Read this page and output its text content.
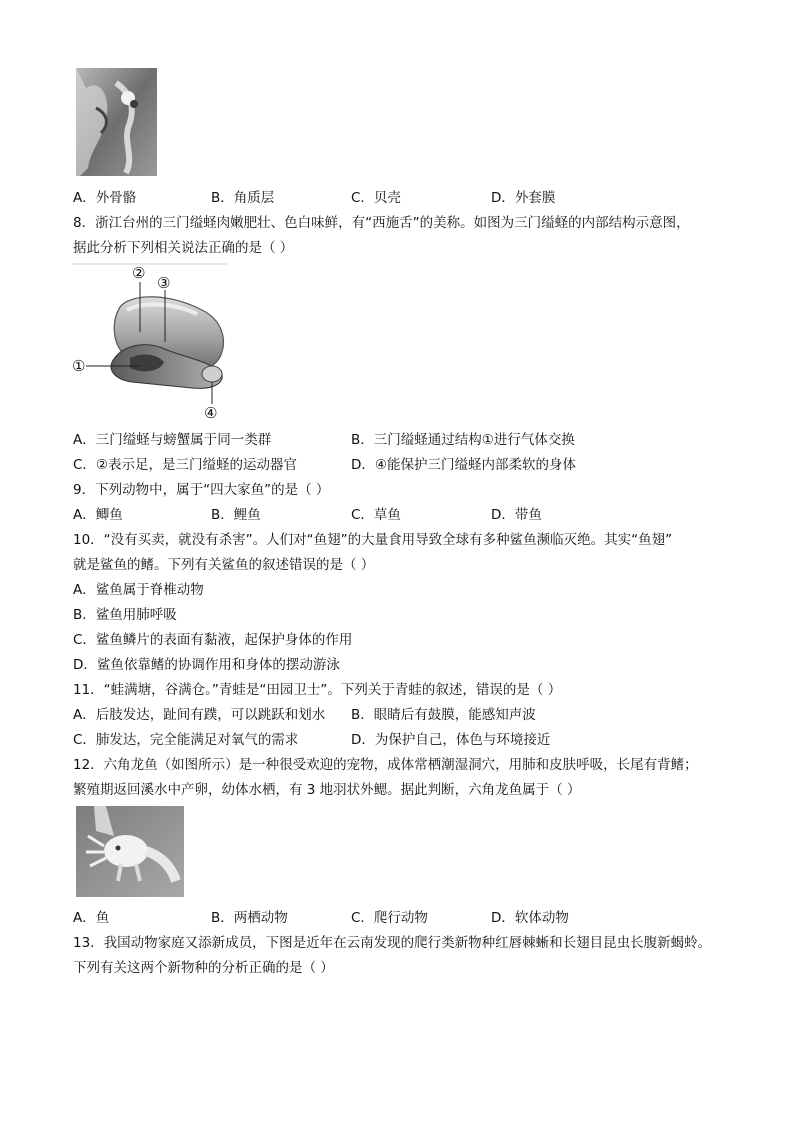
A．外骨骼	B．角质层	C．贝壳	D．外套膜
8．浙江台州的三门缢蛏肉嫩肥壮、色白味鲜，有“西施舌”的美称。如图为三门缢蛏的内部结构示意图，
据此分析下列相关说法正确的是（ ）
①
②
③
④
A．三门缢蛏与螃蟹属于同一类群	B．三门缢蛏通过结构①进行气体交换
C．②表示足，是三门缢蛏的运动器官	D．④能保护三门缢蛏内部柔软的身体
9．下列动物中，属于“四大家鱼”的是（ ）
A．鲫鱼	B．鲤鱼	C．草鱼	D．带鱼
10．“没有买卖，就没有杀害”。人们对“鱼翅”的大量食用导致全球有多种鲨鱼濒临灭绝。其实“鱼翅”
就是鲨鱼的鳍。下列有关鲨鱼的叙述错误的是（ ）
A．鲨鱼属于脊椎动物
B．鲨鱼用肺呼吸
C．鲨鱼鳞片的表面有黏液，起保护身体的作用
D．鲨鱼依靠鳍的协调作用和身体的摆动游泳
11．“蛙满塘，谷满仓。”青蛙是“田园卫士”。下列关于青蛙的叙述，错误的是（ ）
A．后肢发达，趾间有蹼，可以跳跃和划水 B．眼睛后有鼓膜，能感知声波
C．肺发达，完全能满足对氧气的需求	D．为保护自己，体色与环境接近
12．六角龙鱼（如图所示）是一种很受欢迎的宠物，成体常栖潮湿洞穴，用肺和皮肤呼吸，长尾有背鳍；
繁殖期返回溪水中产卵，幼体水栖，有 3 地羽状外鳃。据此判断，六角龙鱼属于（ ）
A．鱼	B．两栖动物	C．爬行动物	D．软体动物
13．我国动物家庭又添新成员，下图是近年在云南发现的爬行类新物种红唇棘蜥和长翅目昆虫长腹新蝎蛉。
下列有关这两个新物种的分析正确的是（ ）
